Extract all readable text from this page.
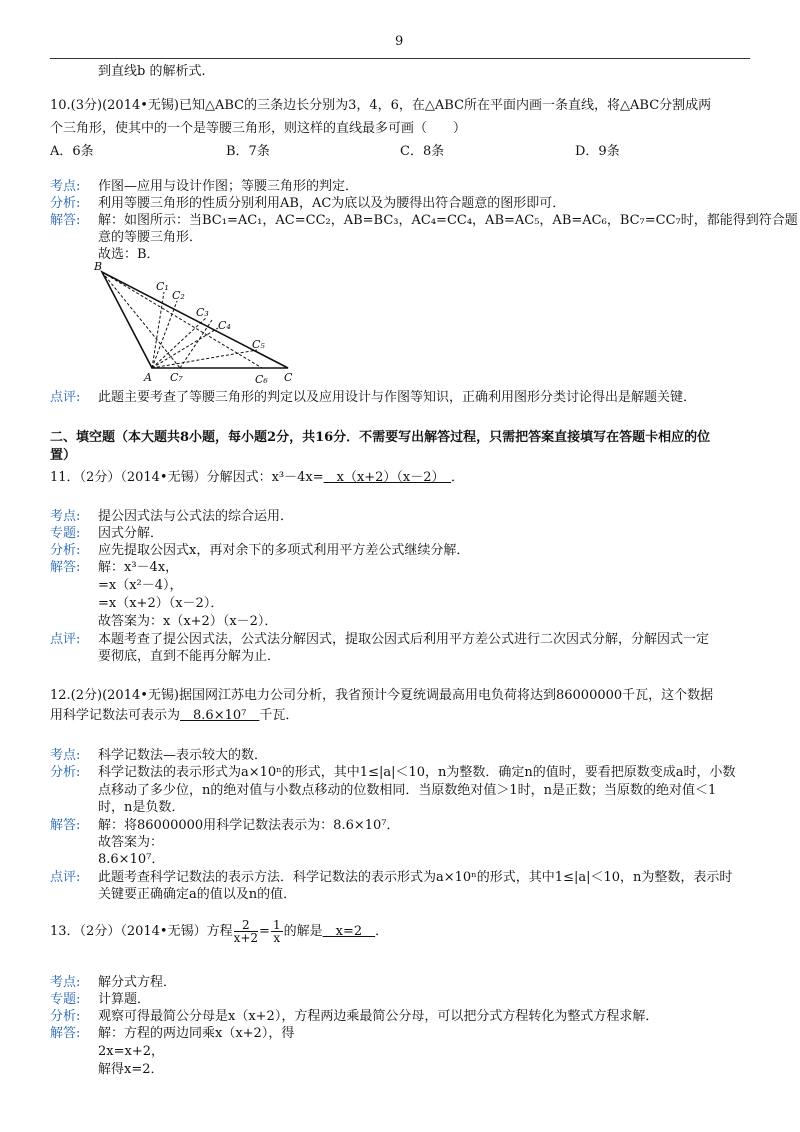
9
到直线b 的解析式.
10.(3分)(2014•无锡)已知△ABC的三条边长分别为3，4，6，在△ABC所在平面内画一条直线，将△ABC分割成两
个三角形，使其中的一个是等腰三角形，则这样的直线最多可画（　　）
A．6条	B．7条	C．8条	D．9条
考点: 作图—应用与设计作图；等腰三角形的判定．
分析: 利用等腰三角形的性质分别利用AB，AC为底以及为腰得出符合题意的图形即可．
解答: 解：如图所示：当BC₁=AC₁，AC=CC₂，AB=BC₃，AC₄=CC₄，AB=AC₅，AB=AC₆，BC₇=CC₇时，都能得到符合题
意的等腰三角形．
故选：B．
B
A	C
C₁
C₂
C₃
C₄
C₅
C₆
C₇
点评: 此题主要考查了等腰三角形的判定以及应用设计与作图等知识，正确利用图形分类讨论得出是解题关键．
二、填空题（本大题共8小题，每小题2分，共16分．不需要写出解答过程，只需把答案直接填写在答题卡相应的位
置）
11．（2分）（2014•无锡）分解因式：x³－4x=　x（x+2）（x－2）　．
考点: 提公因式法与公式法的综合运用．
专题: 因式分解．
分析: 应先提取公因式x，再对余下的多项式利用平方差公式继续分解．
解答: 解：x³－4x，
=x（x²－4），
=x（x+2）（x－2）．
故答案为：x（x+2）（x－2）．
点评: 本题考查了提公因式法，公式法分解因式，提取公因式后利用平方差公式进行二次因式分解，分解因式一定
要彻底，直到不能再分解为止．
12.(2分)(2014•无锡)据国网江苏电力公司分析，我省预计今夏统调最高用电负荷将达到86000000千瓦，这个数据
用科学记数法可表示为　8.6×10⁷　千瓦．
考点: 科学记数法—表示较大的数．
分析: 科学记数法的表示形式为a×10ⁿ的形式，其中1≤|a|＜10，n为整数．确定n的值时，要看把原数变成a时，小数
点移动了多少位，n的绝对值与小数点移动的位数相同．当原数绝对值＞1时，n是正数；当原数的绝对值＜1
时，n是负数．
解答: 解：将86000000用科学记数法表示为：8.6×10⁷．
故答案为：
8.6×10⁷．
点评: 此题考查科学记数法的表示方法．科学记数法的表示形式为a×10ⁿ的形式，其中1≤|a|＜10，n为整数，表示时
关键要正确确定a的值以及n的值．
13．（2分）（2014•无锡）方程 $\frac{2}{x+2} = \frac{1}{x}$ 的解是　x=2　．
考点: 解分式方程．
专题: 计算题．
分析: 观察可得最简公分母是x（x+2），方程两边乘最简公分母，可以把分式方程转化为整式方程求解．
解答: 解：方程的两边同乘x（x+2），得
2x=x+2，
解得x=2．
